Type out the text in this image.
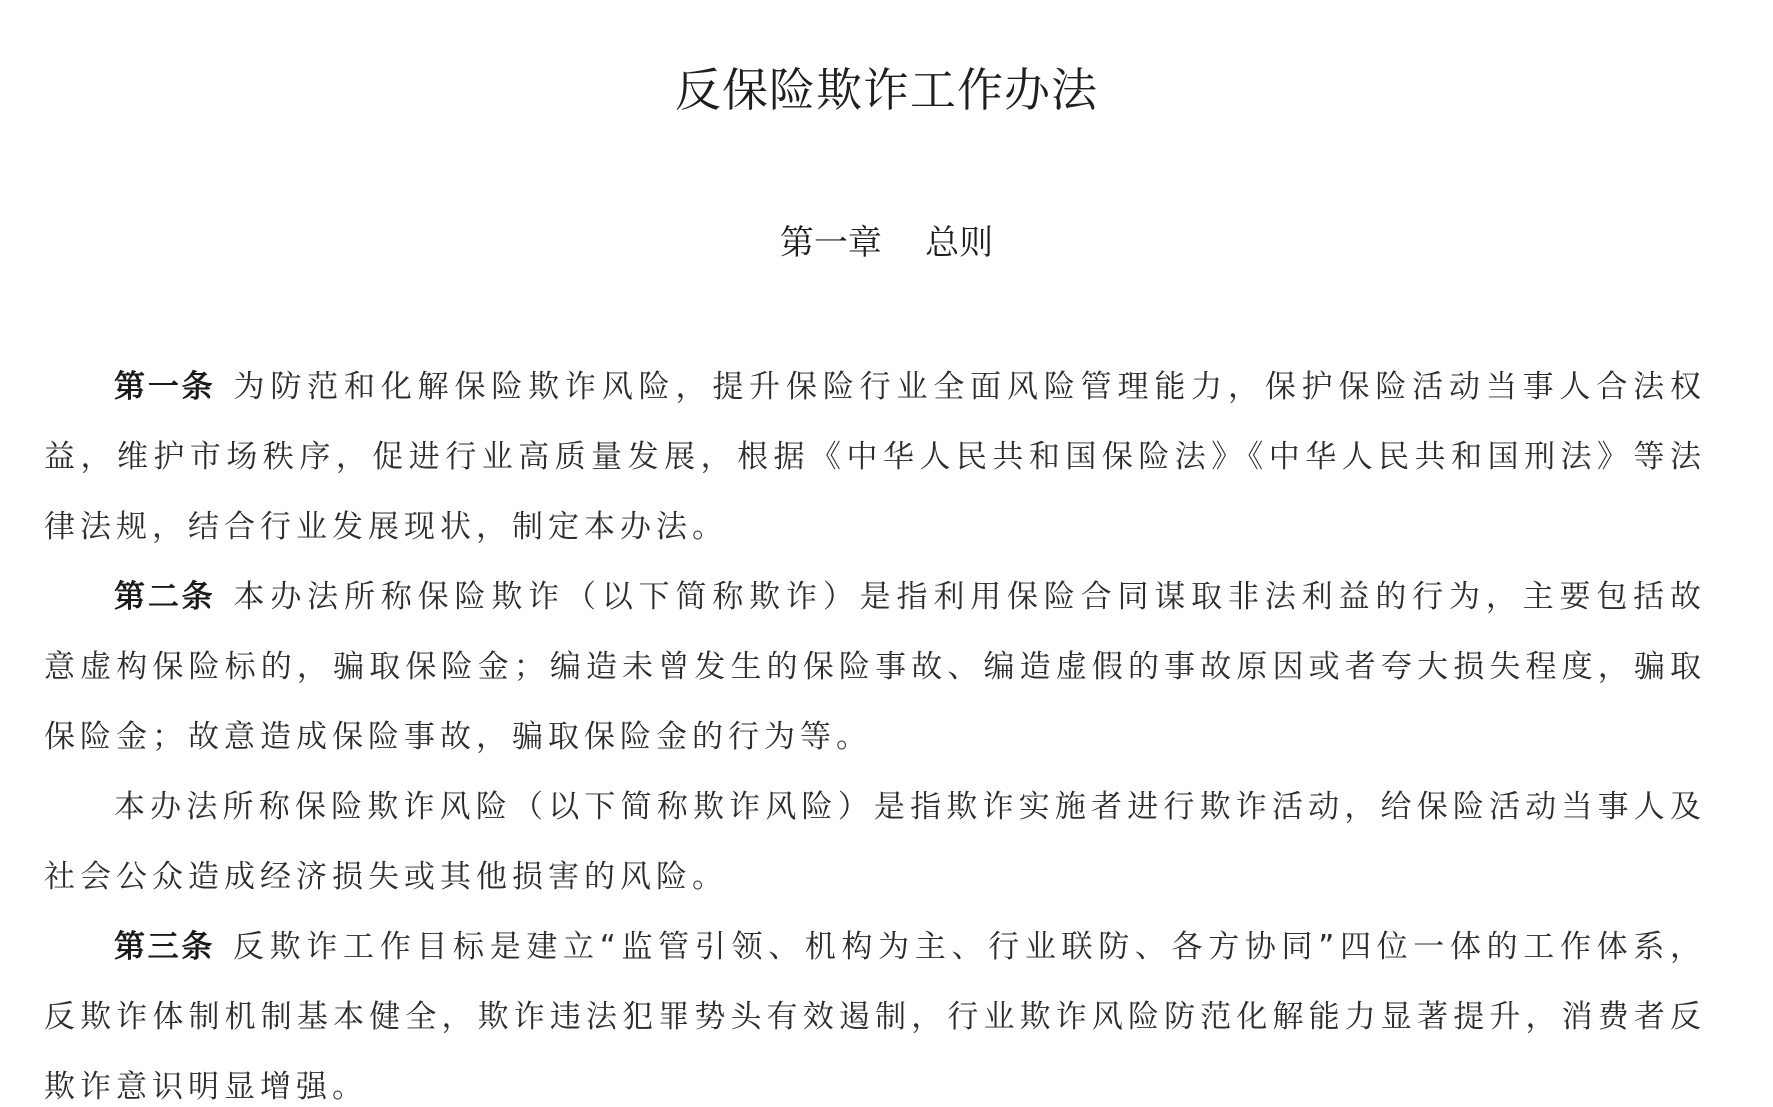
反保险欺诈工作办法
第一章 总则

第一条 为防范和化解保险欺诈风险，提升保险行业全面风险管理能力，保护保险活动当事人合法权益，维护市场秩序，促进行业高质量发展，根据《中华人民共和国保险法》《中华人民共和国刑法》等法律法规，结合行业发展现状，制定本办法。

第二条 本办法所称保险欺诈（以下简称欺诈）是指利用保险合同谋取非法利益的行为，主要包括故意虚构保险标的，骗取保险金；编造未曾发生的保险事故、编造虚假的事故原因或者夸大损失程度，骗取保险金；故意造成保险事故，骗取保险金的行为等。

本办法所称保险欺诈风险（以下简称欺诈风险）是指欺诈实施者进行欺诈活动，给保险活动当事人及社会公众造成经济损失或其他损害的风险。

第三条 反欺诈工作目标是建立“监管引领、机构为主、行业联防、各方协同”四位一体的工作体系，反欺诈体制机制基本健全，欺诈违法犯罪势头有效遏制，行业欺诈风险防范化解能力显著提升，消费者反欺诈意识明显增强。
